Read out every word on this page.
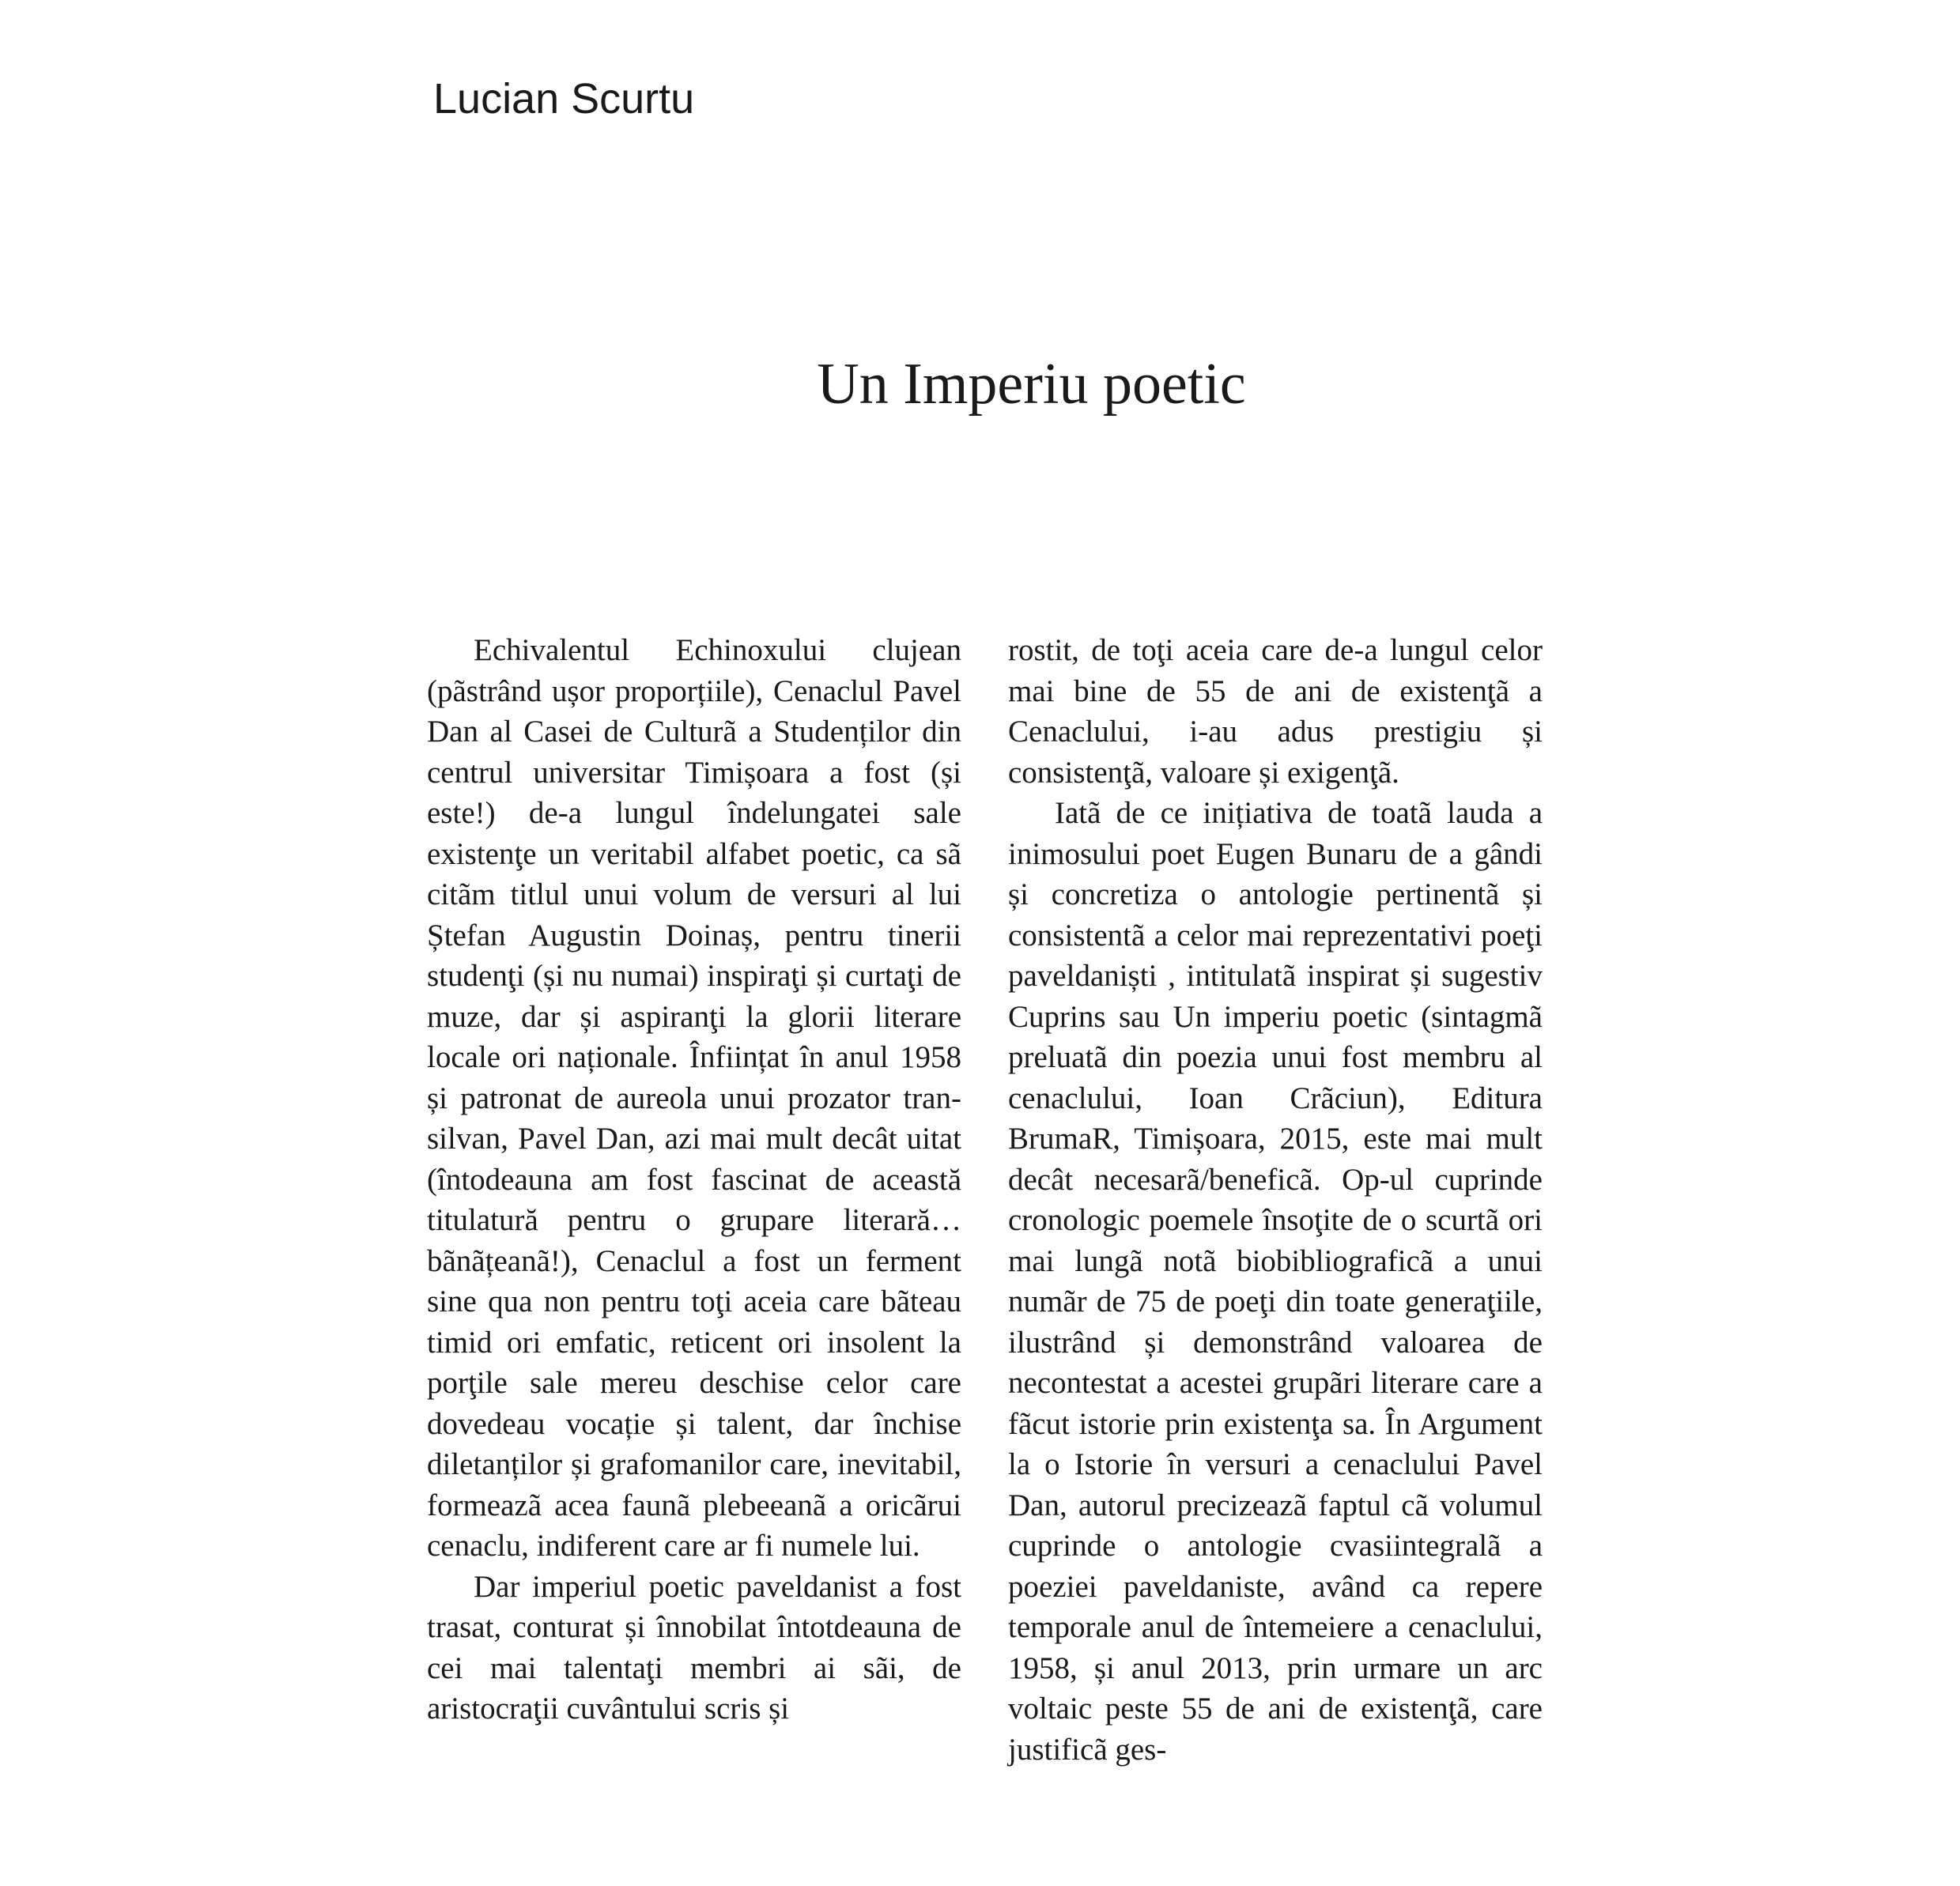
Lucian Scurtu
Un Imperiu poetic

Echivalentul Echinoxului clujean (pãstrând ușor proporțiile), Cenaclul Pavel Dan al Casei de Culturã a Studenților din centrul universitar Timișoara a fost (și este!) de-a lungul îndelungatei sale existenţe un veritabil alfabet poetic, ca sã citãm titlul unui volum de versuri al lui Ștefan Augustin Doinaș, pentru tinerii studenţi (și nu numai) inspiraţi și curtaţi de muze, dar și aspiranţi la glorii literare locale ori naționale. Înființat în anul 1958 și patronat de aureola unui prozator transilvan, Pavel Dan, azi mai mult decât uitat (întodeauna am fost fascinat de această titulatură pentru o grupare literară…bãnãțeanã!), Cenaclul a fost un ferment sine qua non pentru toţi aceia care bãteau timid ori emfatic, reticent ori insolent la porţile sale mereu deschise celor care dovedeau vocație și talent, dar închise diletanților și grafomanilor care, inevitabil, formeazã acea faunã plebeeanã a oricãrui cenaclu, indiferent care ar fi numele lui.

Dar imperiul poetic paveldanist a fost trasat, conturat și înnobilat întotdeauna de cei mai talentaţi membri ai sãi, de aristocraţii cuvântului scris și

rostit, de toţi aceia care de-a lungul celor mai bine de 55 de ani de existenţã a Cenaclului, i-au adus prestigiu și consistenţã, valoare și exigenţã.

Iatã de ce inițiativa de toatã lauda a inimosului poet Eugen Bunaru de a gândi și concretiza o antologie pertinentã și consistentã a celor mai reprezentativi poeţi paveldaniști , intitulatã inspirat și sugestiv Cuprins sau Un imperiu poetic (sintagmã preluatã din poezia unui fost membru al cenaclului, Ioan Crãciun), Editura BrumaR, Timișoara, 2015, este mai mult decât necesarã/beneficã. Op-ul cuprinde cronologic poemele însoţite de o scurtã ori mai lungã notã biobibliograficã a unui numãr de 75 de poeţi din toate generaţiile, ilustrând și demonstrând valoarea de necontestat a acestei grupãri literare care a fãcut istorie prin existenţa sa. În Argument la o Istorie în versuri a cenaclului Pavel Dan, autorul precizeazã faptul cã volumul cuprinde o antologie cvasiintegralã a poeziei paveldaniste, având ca repere temporale anul de întemeiere a cenaclului, 1958, și anul 2013, prin urmare un arc voltaic peste 55 de ani de existenţã, care justificã ges-
